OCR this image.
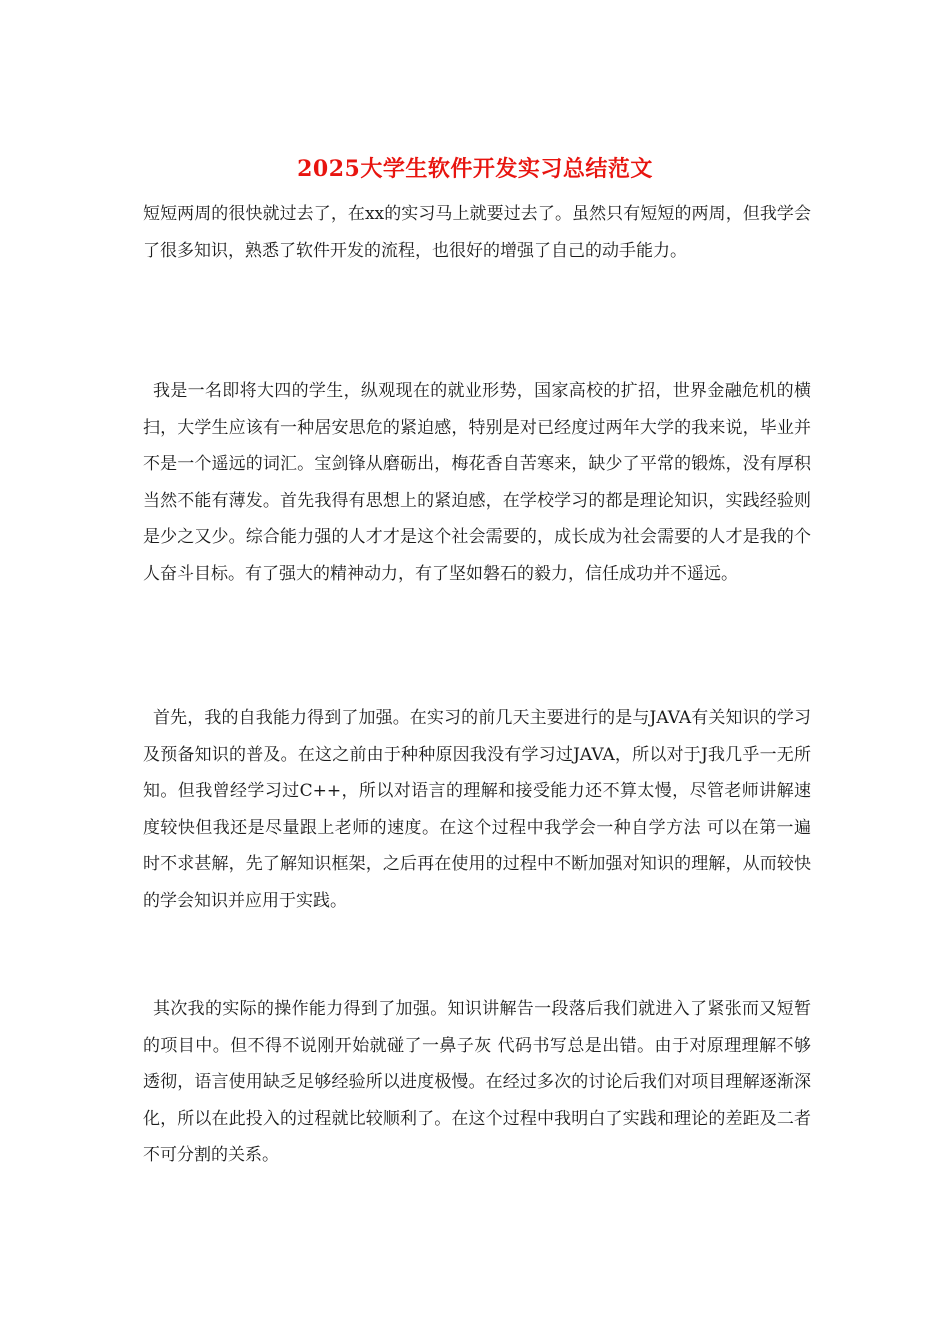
2025大学生软件开发实习总结范文

短短两周的很快就过去了，在xx的实习马上就要过去了。虽然只有短短的两周，但我学会了很多知识，熟悉了软件开发的流程，也很好的增强了自己的动手能力。

我是一名即将大四的学生，纵观现在的就业形势，国家高校的扩招，世界金融危机的横扫，大学生应该有一种居安思危的紧迫感，特别是对已经度过两年大学的我来说，毕业并不是一个遥远的词汇。宝剑锋从磨砺出，梅花香自苦寒来，缺少了平常的锻炼，没有厚积当然不能有薄发。首先我得有思想上的紧迫感，在学校学习的都是理论知识，实践经验则是少之又少。综合能力强的人才才是这个社会需要的，成长成为社会需要的人才是我的个人奋斗目标。有了强大的精神动力，有了坚如磐石的毅力，信任成功并不遥远。

首先，我的自我能力得到了加强。在实习的前几天主要进行的是与JAVA有关知识的学习及预备知识的普及。在这之前由于种种原因我没有学习过JAVA，所以对于J我几乎一无所知。但我曾经学习过C++，所以对语言的理解和接受能力还不算太慢，尽管老师讲解速度较快但我还是尽量跟上老师的速度。在这个过程中我学会一种自学方法 可以在第一遍时不求甚解，先了解知识框架，之后再在使用的过程中不断加强对知识的理解，从而较快的学会知识并应用于实践。

其次我的实际的操作能力得到了加强。知识讲解告一段落后我们就进入了紧张而又短暂的项目中。但不得不说刚开始就碰了一鼻子灰 代码书写总是出错。由于对原理理解不够透彻，语言使用缺乏足够经验所以进度极慢。在经过多次的讨论后我们对项目理解逐渐深化，所以在此投入的过程就比较顺利了。在这个过程中我明白了实践和理论的差距及二者不可分割的关系。
